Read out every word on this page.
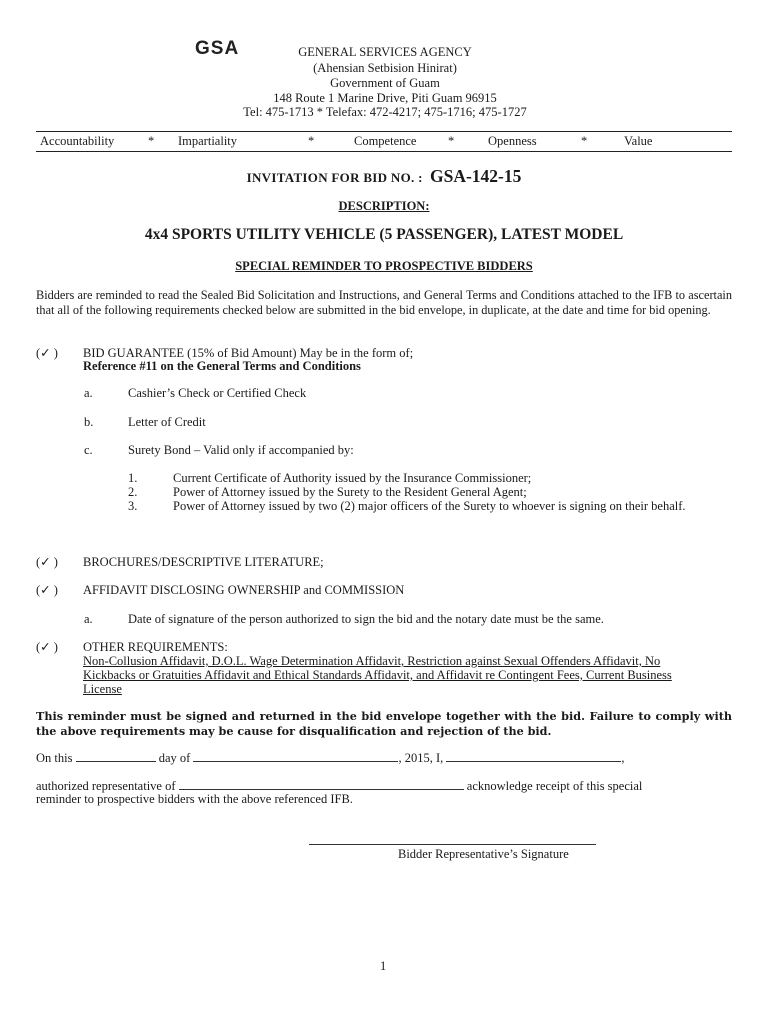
GSA	GENERAL SERVICES AGENCY
(Ahensian Setbision Hinirat)
Government of Guam
148 Route 1 Marine Drive, Piti Guam 96915
Tel: 475-1713 * Telefax: 472-4217; 475-1716; 475-1727
Accountability	* Impartiality	*	Competence	*	Openness	*	Value
INVITATION FOR BID NO. : GSA-142-15
DESCRIPTION:
4x4 SPORTS UTILITY VEHICLE (5 PASSENGER), LATEST MODEL
SPECIAL REMINDER TO PROSPECTIVE BIDDERS
Bidders are reminded to read the Sealed Bid Solicitation and Instructions, and General Terms and Conditions attached to the IFB to ascertain that all of the following requirements checked below are submitted in the bid envelope, in duplicate, at the date and time for bid opening.
(✓ ) BID GUARANTEE (15% of Bid Amount) May be in the form of;
Reference #11 on the General Terms and Conditions
a.	Cashier’s Check or Certified Check
b.	Letter of Credit
c.	Surety Bond – Valid only if accompanied by:
1.	Current Certificate of Authority issued by the Insurance Commissioner;
2.	Power of Attorney issued by the Surety to the Resident General Agent;
3.	Power of Attorney issued by two (2) major officers of the Surety to whoever is signing on their behalf.
(✓ ) BROCHURES/DESCRIPTIVE LITERATURE;
(✓ ) AFFIDAVIT DISCLOSING OWNERSHIP and COMMISSION
a.	Date of signature of the person authorized to sign the bid and the notary date must be the same.
(✓ ) OTHER REQUIREMENTS:
Non-Collusion Affidavit, D.O.L. Wage Determination Affidavit, Restriction against Sexual Offenders Affidavit, No Kickbacks or Gratuities Affidavit and Ethical Standards Affidavit, and Affidavit re Contingent Fees, Current Business License
This reminder must be signed and returned in the bid envelope together with the bid. Failure to comply with the above requirements may be cause for disqualification and rejection of the bid.
On this	day of	, 2015, I,	,
authorized representative of	acknowledge receipt of this special
reminder to prospective bidders with the above referenced IFB.
Bidder Representative’s Signature
1
